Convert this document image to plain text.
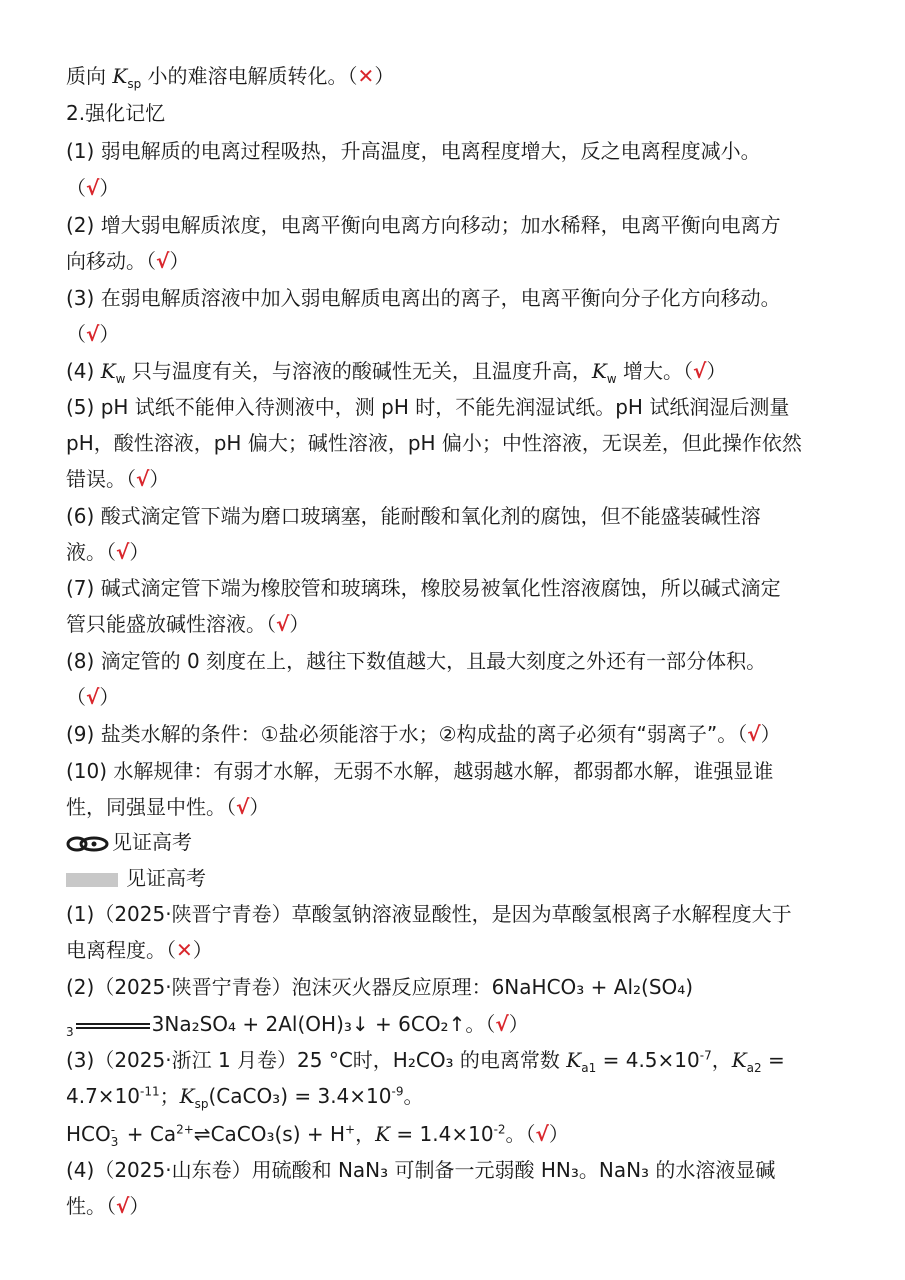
质向 $K_{sp}$ 小的难溶电解质转化。（✕）
2.强化记忆
(1) 弱电解质的电离过程吸热，升高温度，电离程度增大，反之电离程度减小。
（√）
(2) 增大弱电解质浓度，电离平衡向电离方向移动；加水稀释，电离平衡向电离方
向移动。（√）
(3) 在弱电解质溶液中加入弱电解质电离出的离子，电离平衡向分子化方向移动。
（√）
(4) $K_w$ 只与温度有关，与溶液的酸碱性无关，且温度升高，$K_w$ 增大。（√）
(5) pH 试纸不能伸入待测液中，测 pH 时，不能先润湿试纸。pH 试纸润湿后测量
pH，酸性溶液，pH 偏大；碱性溶液，pH 偏小；中性溶液，无误差，但此操作依然
错误。（√）
(6) 酸式滴定管下端为磨口玻璃塞，能耐酸和氧化剂的腐蚀，但不能盛装碱性溶
液。（√）
(7) 碱式滴定管下端为橡胶管和玻璃珠，橡胶易被氧化性溶液腐蚀，所以碱式滴定
管只能盛放碱性溶液。（√）
(8) 滴定管的 0 刻度在上，越往下数值越大，且最大刻度之外还有一部分体积。
（√）
(9) 盐类水解的条件：①盐必须能溶于水；②构成盐的离子必须有“弱离子”。（√）
(10) 水解规律：有弱才水解，无弱不水解，越弱越水解，都弱都水解，谁强显谁
性，同强显中性。（√）
见证高考
见证高考
(1)（2025·陕晋宁青卷）草酸氢钠溶液显酸性，是因为草酸氢根离子水解程度大于
电离程度。（✕）
(2)（2025·陕晋宁青卷）泡沫灭火器反应原理：6NaHCO₃ + Al₂(SO₄)
$_3$	3Na₂SO₄ + 2Al(OH)₃↓ + 6CO₂↑。（√）
(3)（2025·浙江 1 月卷）25 °C时，H₂CO₃ 的电离常数 $K_{a1} = 4.5\times 10^{-7}$，$K_{a2}$ =
$4.7\times 10^{-11}$；$K_{sp}(CaCO_3) = 3.4\times 10^{-9}$。
HCO -
$3 + Ca^{2+}\rightleftharpoons CaCO_3(s) + H^+$，$K = 1.4\times 10^{-2}$。（√）
(4)（2025·山东卷）用硫酸和 NaN₃ 可制备一元弱酸 HN₃。NaN₃ 的水溶液显碱
性。（√）
